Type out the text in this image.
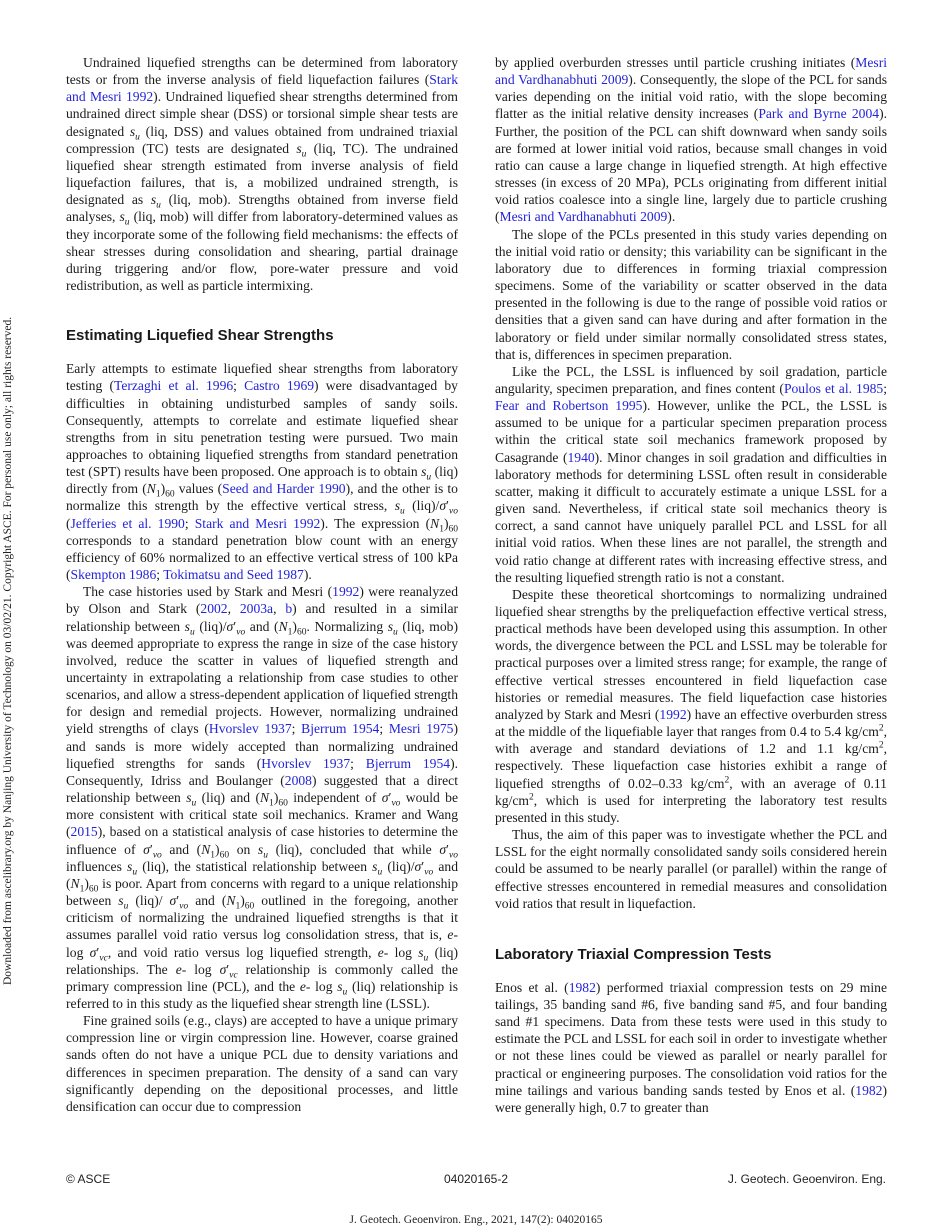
Downloaded from ascelibrary.org by Nanjing University of Technology on 03/02/21. Copyright ASCE. For personal use only; all rights reserved.

Undrained liquefied strengths can be determined from laboratory tests or from the inverse analysis of field liquefaction failures (Stark and Mesri 1992). Undrained liquefied shear strengths determined from undrained direct simple shear (DSS) or torsional simple shear tests are designated $s_u$ (liq, DSS) and values obtained from undrained triaxial compression (TC) tests are designated $s_u$ (liq, TC). The undrained liquefied shear strength estimated from inverse analysis of field liquefaction failures, that is, a mobilized undrained strength, is designated as $s_u$ (liq, mob). Strengths obtained from inverse field analyses, $s_u$ (liq, mob) will differ from laboratory-determined values as they incorporate some of the following field mechanisms: the effects of shear stresses during consolidation and shearing, partial drainage during triggering and/or flow, pore-water pressure and void redistribution, as well as particle intermixing.

Estimating Liquefied Shear Strengths

Early attempts to estimate liquefied shear strengths from laboratory testing (Terzaghi et al. 1996; Castro 1969) were disadvantaged by difficulties in obtaining undisturbed samples of sandy soils. Consequently, attempts to correlate and estimate liquefied shear strengths from in situ penetration testing were pursued. Two main approaches to obtaining liquefied strengths from standard penetration test (SPT) results have been proposed. One approach is to obtain $s_u$ (liq) directly from $(N_1)_{60}$ values (Seed and Harder 1990), and the other is to normalize this strength by the effective vertical stress, $s_u$ $(liq)/\sigma'_{vo}$ (Jefferies et al. 1990; Stark and Mesri 1992). The expression $(N_1)_{60}$ corresponds to a standard penetration blow count with an energy efficiency of 60% normalized to an effective vertical stress of 100 kPa (Skempton 1986; Tokimatsu and Seed 1987).

The case histories used by Stark and Mesri (1992) were reanalyzed by Olson and Stark (2002, 2003a, b) and resulted in a similar relationship between $s_u$ $(liq)/\sigma'_{vo}$ and $(N_1)_{60}$. Normalizing $s_u$ (liq, mob) was deemed appropriate to express the range in size of the case history involved, reduce the scatter in values of liquefied strength and uncertainty in extrapolating a relationship from case studies to other scenarios, and allow a stress-dependent application of liquefied strength for design and remedial projects. However, normalizing undrained yield strengths of clays (Hvorslev 1937; Bjerrum 1954; Mesri 1975) and sands is more widely accepted than normalizing undrained liquefied strengths for sands (Hvorslev 1937; Bjerrum 1954). Consequently, Idriss and Boulanger (2008) suggested that a direct relationship between $s_u$ (liq) and $(N_1)_{60}$ independent of $\sigma'_{vo}$ would be more consistent with critical state soil mechanics. Kramer and Wang (2015), based on a statistical analysis of case histories to determine the influence of $\sigma'_{vo}$ and $(N_1)_{60}$ on $s_u$ (liq), concluded that while $\sigma'_{vo}$ influences $s_u$ (liq), the statistical relationship between $s_u$ $(liq)/\sigma'_{vo}$ and $(N_1)_{60}$ is poor. Apart from concerns with regard to a unique relationship between $s_u$ (liq)/ $\sigma'_{vo}$ and $(N_1)_{60}$ outlined in the foregoing, another criticism of normalizing the undrained liquefied strengths is that it assumes parallel void ratio versus log consolidation stress, that is, e- $\log \sigma'_{vc}$, and void ratio versus log liquefied strength, e- $\log s_u$ (liq) relationships. The e- $\log \sigma'_{vc}$ relationship is commonly called the primary compression line (PCL), and the e- $\log s_u$ (liq) relationship is referred to in this study as the liquefied shear strength line (LSSL).

Fine grained soils (e.g., clays) are accepted to have a unique primary compression line or virgin compression line. However, coarse grained sands often do not have a unique PCL due to density variations and differences in specimen preparation. The density of a sand can vary significantly depending on the depositional processes, and little densification can occur due to compression

by applied overburden stresses until particle crushing initiates (Mesri and Vardhanabhuti 2009). Consequently, the slope of the PCL for sands varies depending on the initial void ratio, with the slope becoming flatter as the initial relative density increases (Park and Byrne 2004). Further, the position of the PCL can shift downward when sandy soils are formed at lower initial void ratios, because small changes in void ratio can cause a large change in liquefied strength. At high effective stresses (in excess of 20 MPa), PCLs originating from different initial void ratios coalesce into a single line, largely due to particle crushing (Mesri and Vardhanabhuti 2009).

The slope of the PCLs presented in this study varies depending on the initial void ratio or density; this variability can be significant in the laboratory due to differences in forming triaxial compression specimens. Some of the variability or scatter observed in the data presented in the following is due to the range of possible void ratios or densities that a given sand can have during and after formation in the laboratory or field under similar normally consolidated stress states, that is, differences in specimen preparation.

Like the PCL, the LSSL is influenced by soil gradation, particle angularity, specimen preparation, and fines content (Poulos et al. 1985; Fear and Robertson 1995). However, unlike the PCL, the LSSL is assumed to be unique for a particular specimen preparation process within the critical state soil mechanics framework proposed by Casagrande (1940). Minor changes in soil gradation and difficulties in laboratory methods for determining LSSL often result in considerable scatter, making it difficult to accurately estimate a unique LSSL for a given sand. Nevertheless, if critical state soil mechanics theory is correct, a sand cannot have uniquely parallel PCL and LSSL for all initial void ratios. When these lines are not parallel, the strength and void ratio change at different rates with increasing effective stress, and the resulting liquefied strength ratio is not a constant.

Despite these theoretical shortcomings to normalizing undrained liquefied shear strengths by the preliquefaction effective vertical stress, practical methods have been developed using this assumption. In other words, the divergence between the PCL and LSSL may be tolerable for practical purposes over a limited stress range; for example, the range of effective vertical stresses encountered in field liquefaction case histories or remedial measures. The field liquefaction case histories analyzed by Stark and Mesri (1992) have an effective overburden stress at the middle of the liquefiable layer that ranges from 0.4 to 5.4 $kg/cm^2$, with average and standard deviations of 1.2 and 1.1 $kg/cm^2$, respectively. These liquefaction case histories exhibit a range of liquefied strengths of 0.02–0.33 $kg/cm^2$, with an average of 0.11 $kg/cm^2$, which is used for interpreting the laboratory test results presented in this study.

Thus, the aim of this paper was to investigate whether the PCL and LSSL for the eight normally consolidated sandy soils considered herein could be assumed to be nearly parallel (or parallel) within the range of effective stresses encountered in remedial measures and consolidation void ratios that result in liquefaction.

Laboratory Triaxial Compression Tests

Enos et al. (1982) performed triaxial compression tests on 29 mine tailings, 35 banding sand #6, five banding sand #5, and four banding sand #1 specimens. Data from these tests were used in this study to estimate the PCL and LSSL for each soil in order to investigate whether or not these lines could be viewed as parallel or nearly parallel for practical or engineering purposes. The consolidation void ratios for the mine tailings and various banding sands tested by Enos et al. (1982) were generally high, 0.7 to greater than

© ASCE	04020165-2	J. Geotech. Geoenviron. Eng.
J. Geotech. Geoenviron. Eng., 2021, 147(2): 04020165
